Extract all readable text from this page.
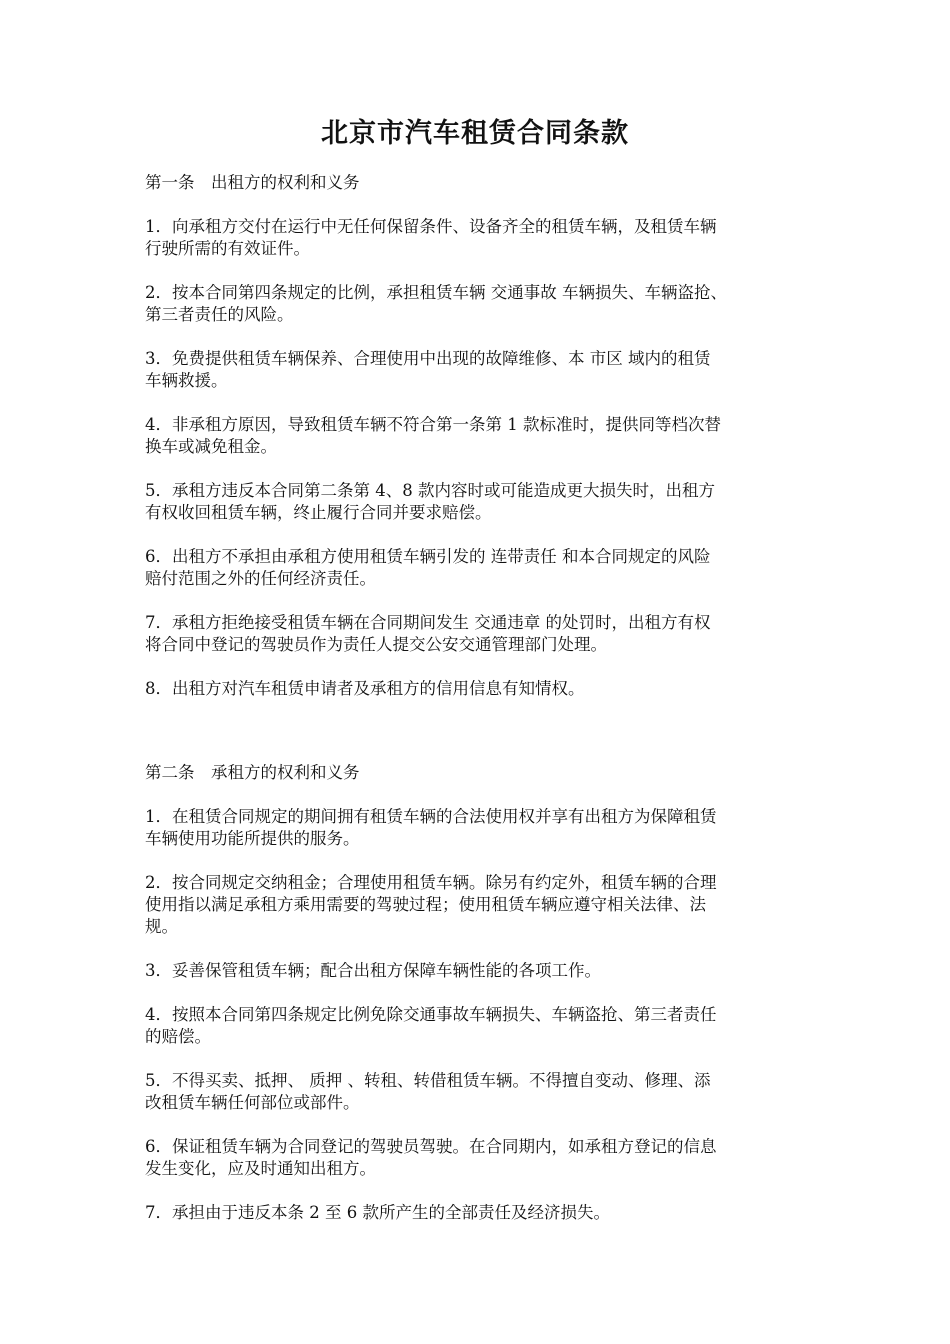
北京市汽车租赁合同条款
第一条　出租方的权利和义务
1．向承租方交付在运行中无任何保留条件、设备齐全的租赁车辆，及租赁车辆
行驶所需的有效证件。
2．按本合同第四条规定的比例，承担租赁车辆 交通事故 车辆损失、车辆盗抢、
第三者责任的风险。
3．免费提供租赁车辆保养、合理使用中出现的故障维修、本 市区 域内的租赁
车辆救援。
4．非承租方原因，导致租赁车辆不符合第一条第 1 款标准时，提供同等档次替
换车或减免租金。
5．承租方违反本合同第二条第 4、8 款内容时或可能造成更大损失时，出租方
有权收回租赁车辆，终止履行合同并要求赔偿。
6．出租方不承担由承租方使用租赁车辆引发的 连带责任 和本合同规定的风险
赔付范围之外的任何经济责任。
7．承租方拒绝接受租赁车辆在合同期间发生 交通违章 的处罚时，出租方有权
将合同中登记的驾驶员作为责任人提交公安交通管理部门处理。
8．出租方对汽车租赁申请者及承租方的信用信息有知情权。
第二条　承租方的权利和义务
1．在租赁合同规定的期间拥有租赁车辆的合法使用权并享有出租方为保障租赁
车辆使用功能所提供的服务。
2．按合同规定交纳租金；合理使用租赁车辆。除另有约定外，租赁车辆的合理
使用指以满足承租方乘用需要的驾驶过程；使用租赁车辆应遵守相关法律、法
规。
3．妥善保管租赁车辆；配合出租方保障车辆性能的各项工作。
4．按照本合同第四条规定比例免除交通事故车辆损失、车辆盗抢、第三者责任
的赔偿。
5．不得买卖、抵押、 质押 、转租、转借租赁车辆。不得擅自变动、修理、添
改租赁车辆任何部位或部件。
6．保证租赁车辆为合同登记的驾驶员驾驶。在合同期内，如承租方登记的信息
发生变化，应及时通知出租方。
7．承担由于违反本条 2 至 6 款所产生的全部责任及经济损失。
